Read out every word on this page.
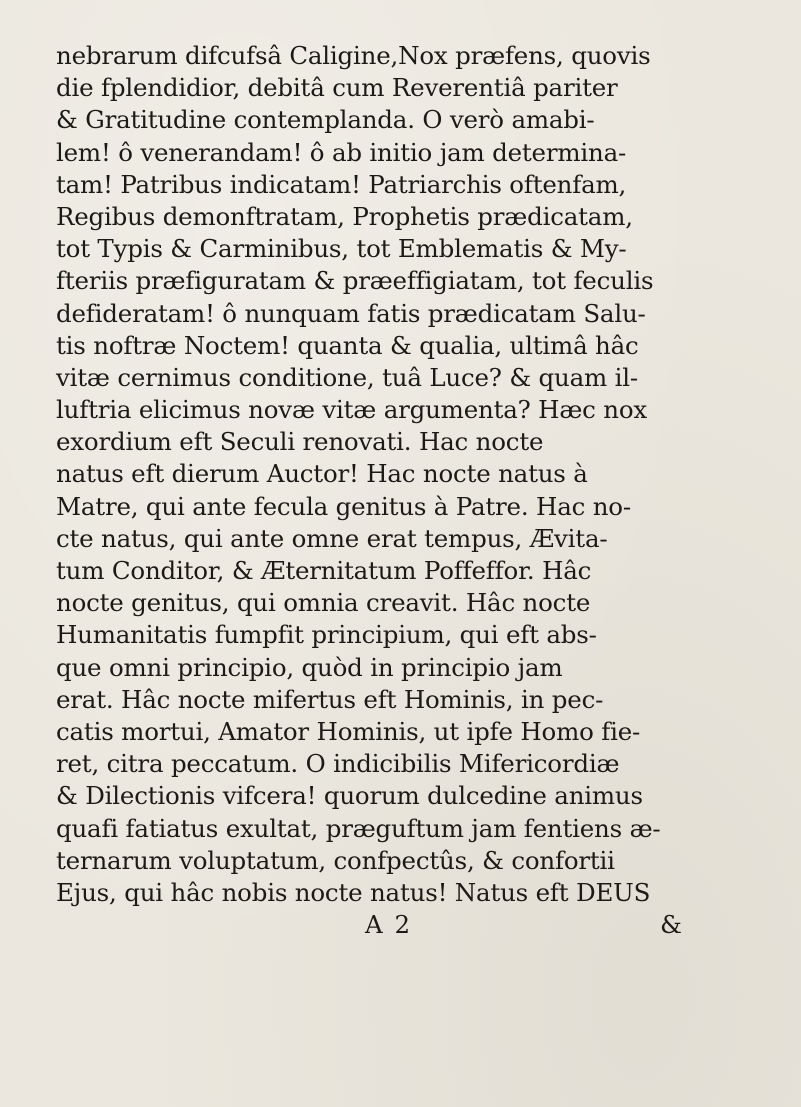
nebrarum difcufsâ Caligine,Nox præfens, quovis
die fplendidior, debitâ cum Reverentiâ pariter
& Gratitudine contemplanda. O verò amabi-
lem! ô venerandam! ô ab initio jam determina-
tam! Patribus indicatam! Patriarchis oftenfam,
Regibus demonftratam, Prophetis prædicatam,
tot Typis & Carminibus, tot Emblematis & My-
fteriis præfiguratam & præeffigiatam, tot feculis
defideratam! ô nunquam fatis prædicatam Salu-
tis noftræ Noctem! quanta & qualia, ultimâ hâc
vitæ cernimus conditione, tuâ Luce? & quam il-
luftria elicimus novæ vitæ argumenta? Hæc nox
exordium eft Seculi renovati. Hac nocte
natus eft dierum Auctor! Hac nocte natus à
Matre, qui ante fecula genitus à Patre. Hac no-
cte natus, qui ante omne erat tempus, Ævita-
tum Conditor, & Æternitatum Poffeffor. Hâc
nocte genitus, qui omnia creavit. Hâc nocte
Humanitatis fumpfit principium, qui eft abs-
que omni principio, quòd in principio jam
erat. Hâc nocte mifertus eft Hominis, in pec-
catis mortui, Amator Hominis, ut ipfe Homo fie-
ret, citra peccatum. O indicibilis Mifericordiæ
& Dilectionis vifcera! quorum dulcedine animus
quafi fatiatus exultat, præguftum jam fentiens æ-
ternarum voluptatum, confpectûs, & confortii
Ejus, qui hâc nobis nocte natus! Natus eft DEUS
A 2	&
